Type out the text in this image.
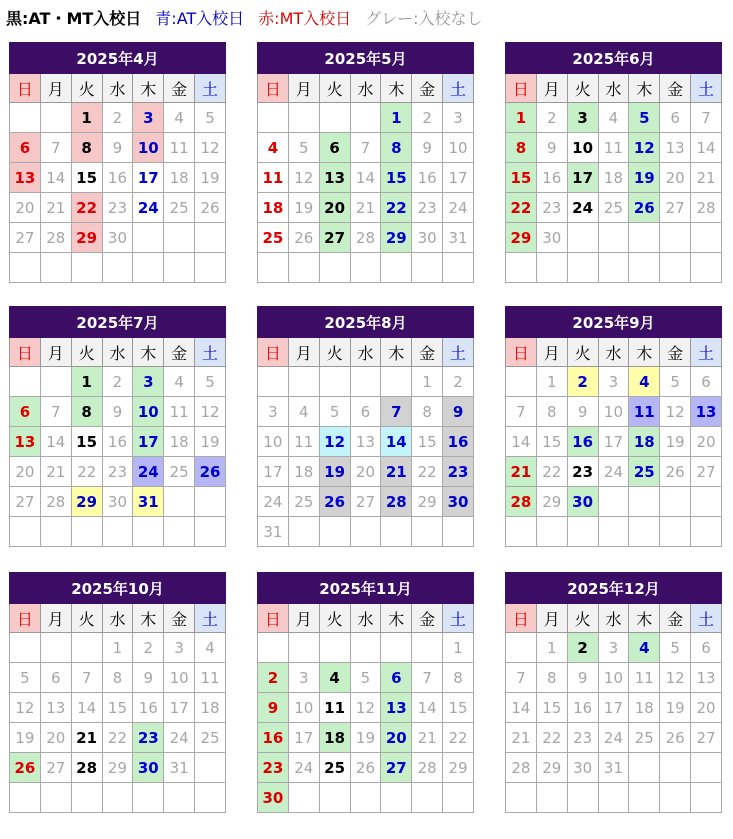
黒:AT・MT入校日 青:AT入校日 赤:MT入校日 グレー:入校なし
2025年4月						
日	月	火	水	木	金	土
		1	2	3	4	5
6	7	8	9	10	11	12
13	14	15	16	17	18	19
20	21	22	23	24	25	26
27	28	29	30			

2025年5月						
日	月	火	水	木	金	土
				1	2	3
4	5	6	7	8	9	10
11	12	13	14	15	16	17
18	19	20	21	22	23	24
25	26	27	28	29	30	31

2025年6月						
日	月	火	水	木	金	土
1	2	3	4	5	6	7
8	9	10	11	12	13	14
15	16	17	18	19	20	21
22	23	24	25	26	27	28
29	30					

2025年7月						
日	月	火	水	木	金	土
		1	2	3	4	5
6	7	8	9	10	11	12
13	14	15	16	17	18	19
20	21	22	23	24	25	26
27	28	29	30	31		

2025年8月						
日	月	火	水	木	金	土
					1	2
3	4	5	6	7	8	9
10	11	12	13	14	15	16
17	18	19	20	21	22	23
24	25	26	27	28	29	30
31						
2025年9月						
日	月	火	水	木	金	土
	1	2	3	4	5	6
7	8	9	10	11	12	13
14	15	16	17	18	19	20
21	22	23	24	25	26	27
28	29	30				

2025年10月						
日	月	火	水	木	金	土
			1	2	3	4
5	6	7	8	9	10	11
12	13	14	15	16	17	18
19	20	21	22	23	24	25
26	27	28	29	30	31	

2025年11月						
日	月	火	水	木	金	土
						1
2	3	4	5	6	7	8
9	10	11	12	13	14	15
16	17	18	19	20	21	22
23	24	25	26	27	28	29
30						
2025年12月						
日	月	火	水	木	金	土
	1	2	3	4	5	6
7	8	9	10	11	12	13
14	15	16	17	18	19	20
21	22	23	24	25	26	27
28	29	30	31			
